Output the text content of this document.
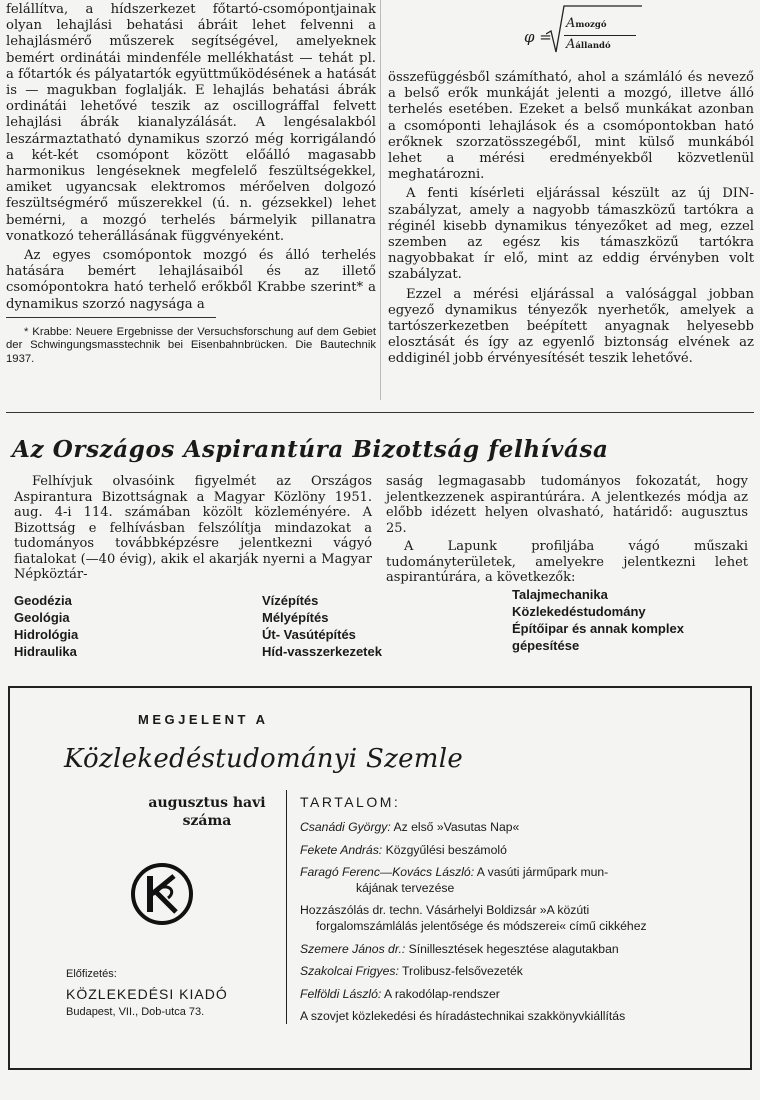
felállítva, a hídszerkezet főtartó-csomópontjainak olyan lehajlási behatási ábráit lehet felvenni a lehajlásmérő műszerek segítségével, amelyeknek bemért ordinátái mindenféle mellékhatást — tehát pl. a főtartók és pályatartók együttműködésének a hatását is — magukban foglalják. E lehajlás behatási ábrák ordinátái lehetővé teszik az oscillográffal felvett lehajlási ábrák kianalyzálását. A lengésalakból leszármaztatható dynamikus szorzó még korrigálandó a két-két csomópont között előálló magasabb harmonikus lengéseknek megfelelő feszültségekkel, amiket ugyancsak elektromos mérőelven dolgozó feszültségmérő műszerekkel (ú. n. gézsekkel) lehet bemérni, a mozgó terhelés bármelyik pillanatra vonatkozó teherállásának függvényeként.

Az egyes csomópontok mozgó és álló terhelés hatására bemért lehajlásaiból és az illető csomópontokra ható terhelő erőkből Krabbe szerint* a dynamikus szorzó nagysága a

* Krabbe: Neuere Ergebnisse der Versuchsforschung auf dem Gebiet der Schwingungsmasstechnik bei Eisenbahnbrücken. Die Bautechnik 1937.
φ =
Amozgó
Aállandó

összefüggésből számítható, ahol a számláló és nevező a belső erők munkáját jelenti a mozgó, illetve álló terhelés esetében. Ezeket a belső munkákat azonban a csomóponti lehajlások és a csomópontokban ható erőknek szorzatösszegéből, mint külső munkából lehet a mérési eredményekből közvetlenül meghatározni.

A fenti kísérleti eljárással készült az új DIN-szabályzat, amely a nagyobb támaszközű tartókra a réginél kisebb dynamikus tényezőket ad meg, ezzel szemben az egész kis támaszközű tartókra nagyobbakat ír elő, mint az eddig érvényben volt szabályzat.

Ezzel a mérési eljárással a valósággal jobban egyező dynamikus tényezők nyerhetők, amelyek a tartószerkezetben beépített anyagnak helyesebb elosztását és így az egyenlő biztonság elvének az eddiginél jobb érvényesítését teszik lehetővé.

Az Országos Aspirantúra Bizottság felhívása

Felhívjuk olvasóink figyelmét az Országos Aspirantura Bizottságnak a Magyar Közlöny 1951. aug. 4-i 114. számában közölt közleményére. A Bizottság e felhívásban felszólítja mindazokat a tudományos továbbképzésre jelentkezni vágyó fiatalokat (—40 évig), akik el akarják nyerni a Magyar Népköztár-

saság legmagasabb tudományos fokozatát, hogy jelentkezzenek aspirantúrára. A jelentkezés módja az előbb idézett helyen olvasható, határidő: augusztus 25.

A Lapunk profiljába vágó műszaki tudományterületek, amelyekre jelentkezni lehet aspirantúrára, a következők:

Geodézia
Geológia
Hidrológia
Hidraulika
Vízépítés
Mélyépítés
Út- Vasútépítés
Híd-vasszerkezetek
Talajmechanika
Közlekedéstudomány
Építőipar és annak komplex
gépesítése
MEGJELENT A
Közlekedéstudományi Szemle
augusztus havi
száma
Előfizetés:
KÖZLEKEDÉSI KIADÓ
Budapest, VII., Dob-utca 73.
TARTALOM:
Csanádi György: Az első »Vasutas Nap«
Fekete András: Közgyűlési beszámoló
Faragó Ferenc—Kovács László: A vasúti járműpark mun-
kájának tervezése
Hozzászólás dr. techn. Vásárhelyi Boldizsár »A közúti
forgalomszámlálás jelentősége és módszerei« című cikkéhez
Szemere János dr.: Sínillesztések hegesztése alagutakban
Szakolcai Frigyes: Trolibusz-felsővezeték
Felföldi László: A rakodólap-rendszer
A szovjet közlekedési és híradástechnikai szakkönyvkiállítás
